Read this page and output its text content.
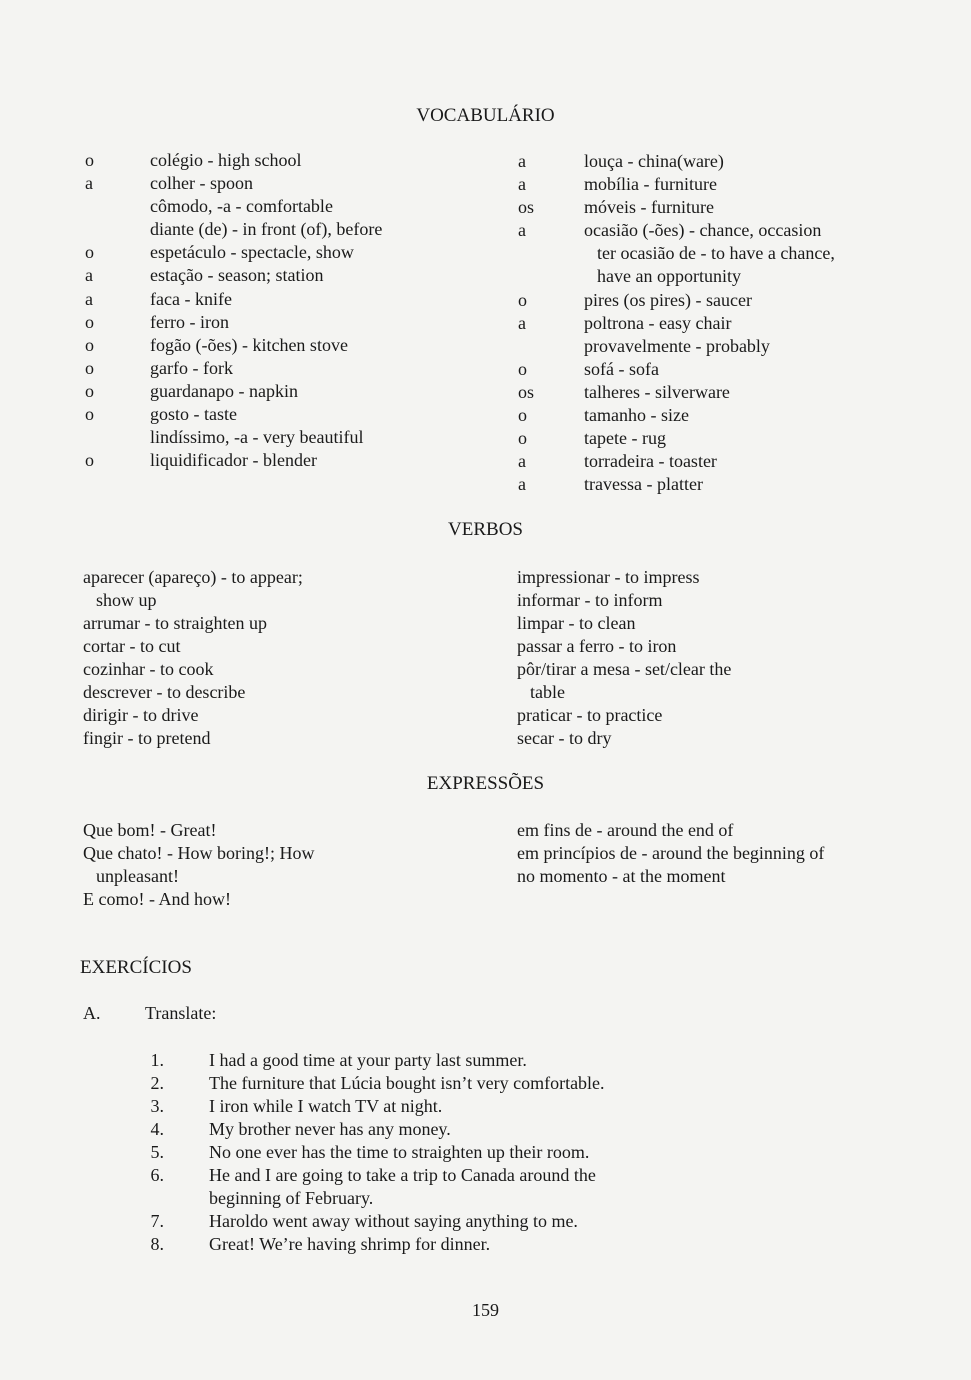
VOCABULÁRIO
o	colégio - high school
a	colher - spoon
cômodo, -a - comfortable
diante (de) - in front (of), before
o	espetáculo - spectacle, show
a	estação - season; station
a	faca - knife
o	ferro - iron
o	fogão (-ões) - kitchen stove
o	garfo - fork
o	guardanapo - napkin
o	gosto - taste
lindíssimo, -a - very beautiful
o	liquidificador - blender
a	louça - china(ware)
a	mobília - furniture
os	móveis - furniture
a	ocasião (-ões) - chance, occasion
ter ocasião de - to have a chance,
have an opportunity
o	pires (os pires) - saucer
a	poltrona - easy chair
provavelmente - probably
o	sofá - sofa
os	talheres - silverware
o	tamanho - size
o	tapete - rug
a	torradeira - toaster
a	travessa - platter
VERBOS
aparecer (apareço) - to appear;
show up
arrumar - to straighten up
cortar - to cut
cozinhar - to cook
descrever - to describe
dirigir - to drive
fingir - to pretend
impressionar - to impress
informar - to inform
limpar - to clean
passar a ferro - to iron
pôr/tirar a mesa - set/clear the
table
praticar - to practice
secar - to dry
EXPRESSÕES
Que bom! - Great!
Que chato! - How boring!; How
unpleasant!
E como! - And how!
em fins de - around the end of
em princípios de - around the beginning of
no momento - at the moment
EXERCÍCIOS
A. Translate:
1.	I had a good time at your party last summer.
2.	The furniture that Lúcia bought isn’t very comfortable.
3.	I iron while I watch TV at night.
4.	My brother never has any money.
5.	No one ever has the time to straighten up their room.
6.	He and I are going to take a trip to Canada around the
beginning of February.
7.	Haroldo went away without saying anything to me.
8.	Great! We’re having shrimp for dinner.
159
